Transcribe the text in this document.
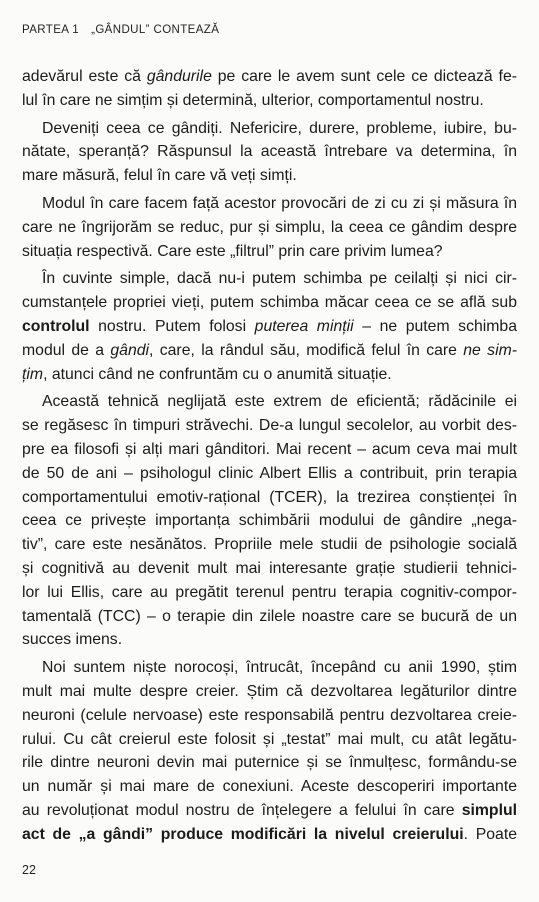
PARTEA 1 „GÂNDUL” CONTEAZĂ
adevărul este că gândurile pe care le avem sunt cele ce dictează fe-
lul în care ne simțim și determină, ulterior, comportamentul nostru.
Deveniți ceea ce gândiți. Nefericire, durere, probleme, iubire, bu-
nătate, speranță? Răspunsul la această întrebare va determina, în
mare măsură, felul în care vă veți simți.
Modul în care facem față acestor provocări de zi cu zi și măsura în
care ne îngrijorăm se reduc, pur și simplu, la ceea ce gândim despre
situația respectivă. Care este „filtrul” prin care privim lumea?
În cuvinte simple, dacă nu-i putem schimba pe ceilalți și nici cir-
cumstanțele propriei vieți, putem schimba măcar ceea ce se află sub
controlul nostru. Putem folosi puterea minții – ne putem schimba
modul de a gândi, care, la rândul său, modifică felul în care ne sim-
țim, atunci când ne confruntăm cu o anumită situație.
Această tehnică neglijată este extrem de eficientă; rădăcinile ei
se regăsesc în timpuri străvechi. De-a lungul secolelor, au vorbit des-
pre ea filosofi și alți mari gânditori. Mai recent – acum ceva mai mult
de 50 de ani – psihologul clinic Albert Ellis a contribuit, prin terapia
comportamentului emotiv-rațional (TCER), la trezirea conștienței în
ceea ce privește importanța schimbării modului de gândire „nega-
tiv”, care este nesănătos. Propriile mele studii de psihologie socială
și cognitivă au devenit mult mai interesante grație studierii tehnici-
lor lui Ellis, care au pregătit terenul pentru terapia cognitiv-compor-
tamentală (TCC) – o terapie din zilele noastre care se bucură de un
succes imens.
Noi suntem niște norocoși, întrucât, începând cu anii 1990, știm
mult mai multe despre creier. Știm că dezvoltarea legăturilor dintre
neuroni (celule nervoase) este responsabilă pentru dezvoltarea creie-
rului. Cu cât creierul este folosit și „testat” mai mult, cu atât legătu-
rile dintre neuroni devin mai puternice și se înmulțesc, formându-se
un număr și mai mare de conexiuni. Aceste descoperiri importante
au revoluționat modul nostru de înțelegere a felului în care simplul
act de „a gândi” produce modificări la nivelul creierului. Poate
22
